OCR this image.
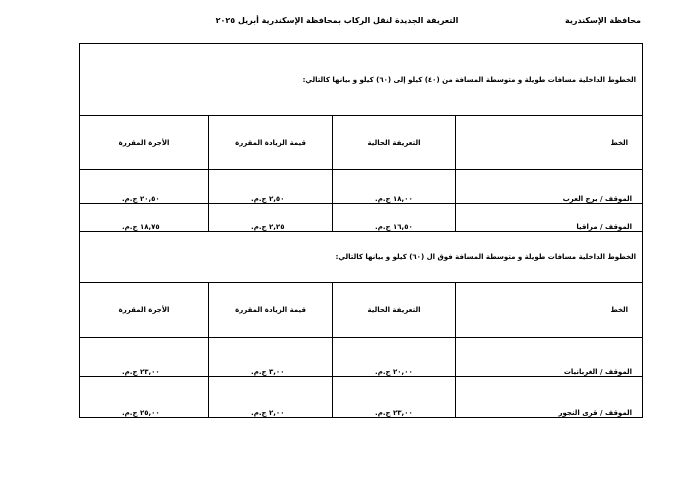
محافظة الإسكندرية
التعريفة الجديدة لنقل الركاب بمحافظة الإسكندرية أبريل ٢٠٢٥
الخطوط الداخلية مسافات طويلة و متوسطة المسافة من (٤٠) كيلو إلى (٦٠) كيلو و بيانها كالتالي:			
الخط	التعريفة الحالية	قيمة الزيادة المقررة	الأجرة المقررة
الموقف / برج العرب	١٨,٠٠ ج.م.	٢,٥٠ ج.م.	٢٠,٥٠ ج.م.
الموقف / مراقيا	١٦,٥٠ ج.م.	٢,٢٥ ج.م.	١٨,٧٥ ج.م.
الخطوط الداخلية مسافات طويلة و متوسطة المسافة فوق ال (٦٠) كيلو و بيانها كالتالي:			
الخط	التعريفة الحالية	قيمة الزيادة المقررة	الأجرة المقررة
الموقف / الغربانيات	٢٠,٠٠ ج.م.	٣,٠٠ ج.م.	٢٣,٠٠ ج.م.
الموقف / قرى النجور	٢٣,٠٠ ج.م.	٢,٠٠ ج.م.	٢٥,٠٠ ج.م.
